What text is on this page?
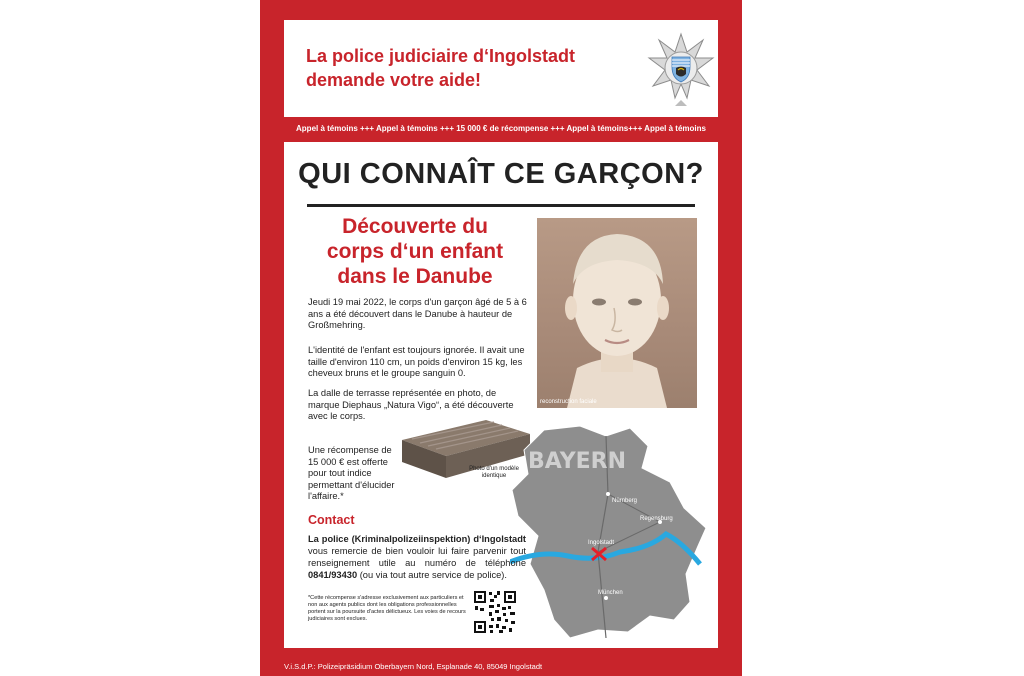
La police judiciaire d‘Ingolstadt
demande votre aide!
Appel à témoins +++ Appel à témoins +++ 15 000 € de récompense +++ Appel à témoins+++ Appel à témoins
QUI CONNAÎT CE GARÇON?
Découverte du
corps d‘un enfant
dans le Danube

Jeudi 19 mai 2022, le corps d'un garçon âgé de 5 à 6 ans a été découvert dans le Danube à hauteur de Großmehring.

L'identité de l'enfant est toujours ignorée. Il avait une taille d'environ 110 cm, un poids d'environ 15 kg, les cheveux bruns et le groupe sanguin 0.

La dalle de terrasse représentée en photo, de marque Diephaus „Natura Vigo“, a été découverte avec le corps.

Une récompense de 15 000 € est offerte pour tout indice permettant d'élucider l'affaire.*

reconstruction faciale
Photo d'un modèle identique
BAYERN
Nürnberg
Regensburg
Ingolstadt
München
Contact

La police (Kriminalpolizeiinspektion) d‘Ingolstadt vous remercie de bien vouloir lui faire parvenir tout renseignement utile au numéro de téléphone 0841/93430 (ou via tout autre service de police).

*Cette récompense s'adresse exclusivement aux particuliers et non aux agents publics dont les obligations professionnelles portent sur la poursuite d'actes délictueux. Les voies de recours judiciaires sont exclues.

V.i.S.d.P.: Polizeipräsidium Oberbayern Nord, Esplanade 40, 85049 Ingolstadt
